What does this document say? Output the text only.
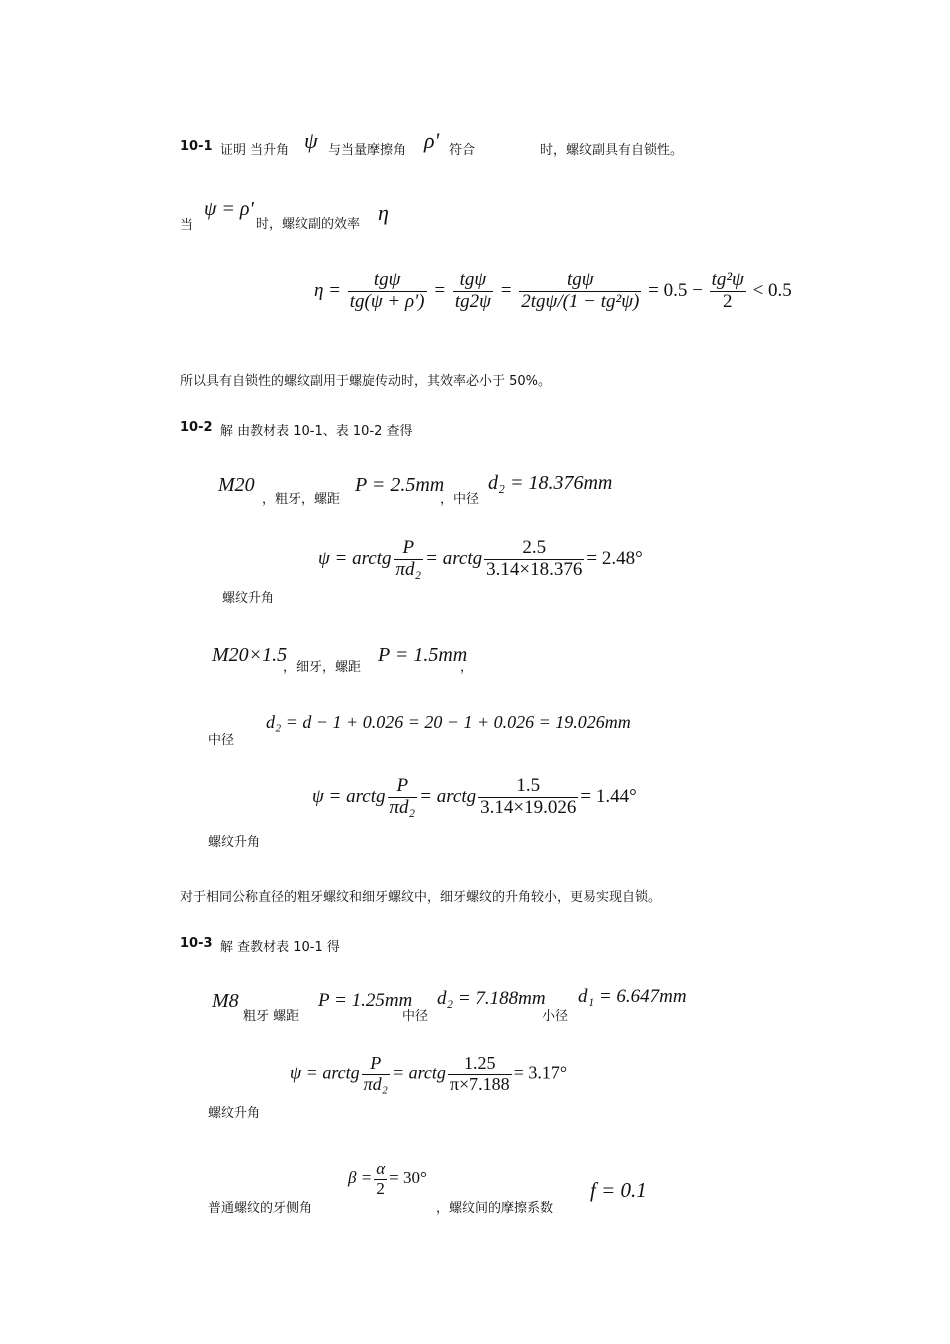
10-1 证明 当升角 ψ 与当量摩擦角 ρ' 符合	时，螺纹副具有自锁性。
当
ψ = ρ'
时，螺纹副的效率 η
$\eta = \frac{\text{tgψ}}{tg(\psi + \rho')} = \frac{\text{tgψ}}{tg2\psi} = \frac{\text{tgψ}}{\text{2tgψ/(1 − tg²ψ)}} = 0.5 - \frac{\text{tg²ψ}}{2} < 0.5$
所以具有自锁性的螺纹副用于螺旋传动时，其效率必小于 50%。
10-2 解 由教材表 10-1、表 10-2 查得
M20
，粗牙，螺距
P = 2.5mm
，中径
d₂ = 18.376mm
螺纹升角
ψ = arctg $\frac{P}{\text{πd₂}}$ = arctg $\frac{2.5}{3.14\times 18.376} = 2.48^\circ$
M20×1.5
，细牙，螺距
P = 1.5mm
，
中径
d₂ = d − 1 + 0.026 = 20 − 1 + 0.026 = 19.026mm
螺纹升角
ψ = arctg $\frac{P}{\text{πd₂}}$ = arctg $\frac{1.5}{3.14\times 19.026} = 1.44^\circ$
对于相同公称直径的粗牙螺纹和细牙螺纹中，细牙螺纹的升角较小，更易实现自锁。
10-3 解 查教材表 10-1 得
M8
粗牙 螺距
P = 1.25mm
中径
d₂ = 7.188mm
小径
d₁ = 6.647mm
螺纹升角
ψ = arctg $\frac{P}{\text{πd₂}}$ = arctg $\frac{1.25}{\pi\times 7.188} = 3.17^\circ$
普通螺纹的牙侧角
$\beta = \frac{\alpha}{2} = 30^\circ$
，螺纹间的摩擦系数
f = 0.1
